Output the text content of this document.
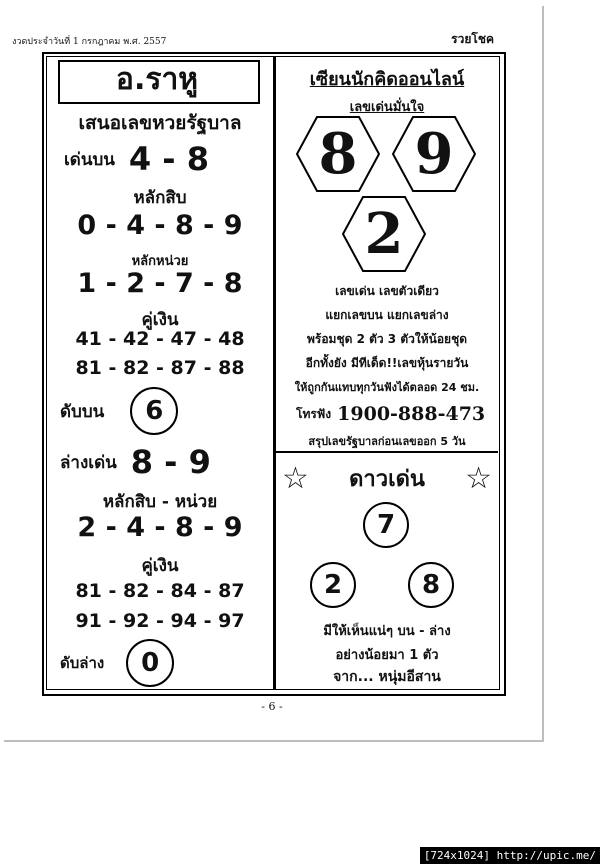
งวดประจำวันที่ 1 กรกฎาคม พ.ศ. 2557	รวยโชค
อ.ราหู
เสนอเลขหวยรัฐบาล
เด่นบน 4 - 8
หลักสิบ
0 - 4 - 8 - 9
หลักหน่วย
1 - 2 - 7 - 8
คู่เงิน
41 - 42 - 47 - 48
81 - 82 - 87 - 88
ดับบน	6
ล่างเด่น 8 - 9
หลักสิบ - หน่วย
2 - 4 - 8 - 9
คู่เงิน
81 - 82 - 84 - 87
91 - 92 - 94 - 97
ดับล่าง	0
เซียนนักคิดออนไลน์
เลขเด่นมั่นใจ
8	9
2
เลขเด่น เลขตัวเดียว
แยกเลขบน แยกเลขล่าง
พร้อมชุด 2 ตัว 3 ตัวให้น้อยชุด
อีกทั้งยัง มีทีเด็ด!!เลขหุ้นรายวัน
ให้ถูกกันแทบทุกวันฟังได้ตลอด 24 ชม.
โทรฟัง 1900-888-473
สรุปเลขรัฐบาลก่อนเลขออก 5 วัน
☆ ดาวเด่น ☆
7
2	8
มีให้เห็นแน่ๆ บน - ล่าง
อย่างน้อยมา 1 ตัว
จาก... หนุ่มอีสาน
- 6 -
[724x1024] http://upic.me/
